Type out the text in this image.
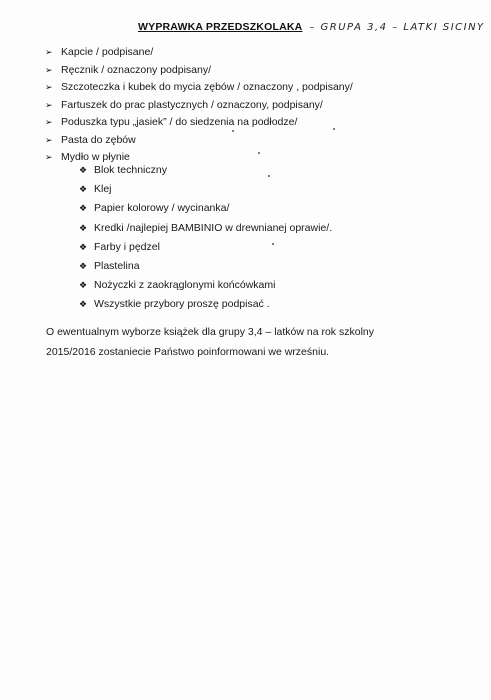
WYPRAWKA PRZEDSZKOLAKA – GRUPA 3,4 – LATKI SICINY
➢ Kapcie / podpisane/
➢ Ręcznik / oznaczony podpisany/
➢ Szczoteczka i kubek do mycia zębów / oznaczony , podpisany/
➢ Fartuszek do prac plastycznych / oznaczony, podpisany/
➢ Poduszka typu „jasiek” / do siedzenia na podłodze/
➢ Pasta do zębów
➢ Mydło w płynie
❖ Blok techniczny
❖ Klej
❖ Papier kolorowy / wycinanka/
❖ Kredki /najlepiej BAMBINIO w drewnianej oprawie/.
❖ Farby i pędzel
❖ Plastelina
❖ Nożyczki z zaokrąglonymi końcówkami
❖ Wszystkie przybory proszę podpisać .
O ewentualnym wyborze książek dla grupy 3,4 – latków na rok szkolny
2015/2016 zostaniecie Państwo poinformowani we wrześniu.
